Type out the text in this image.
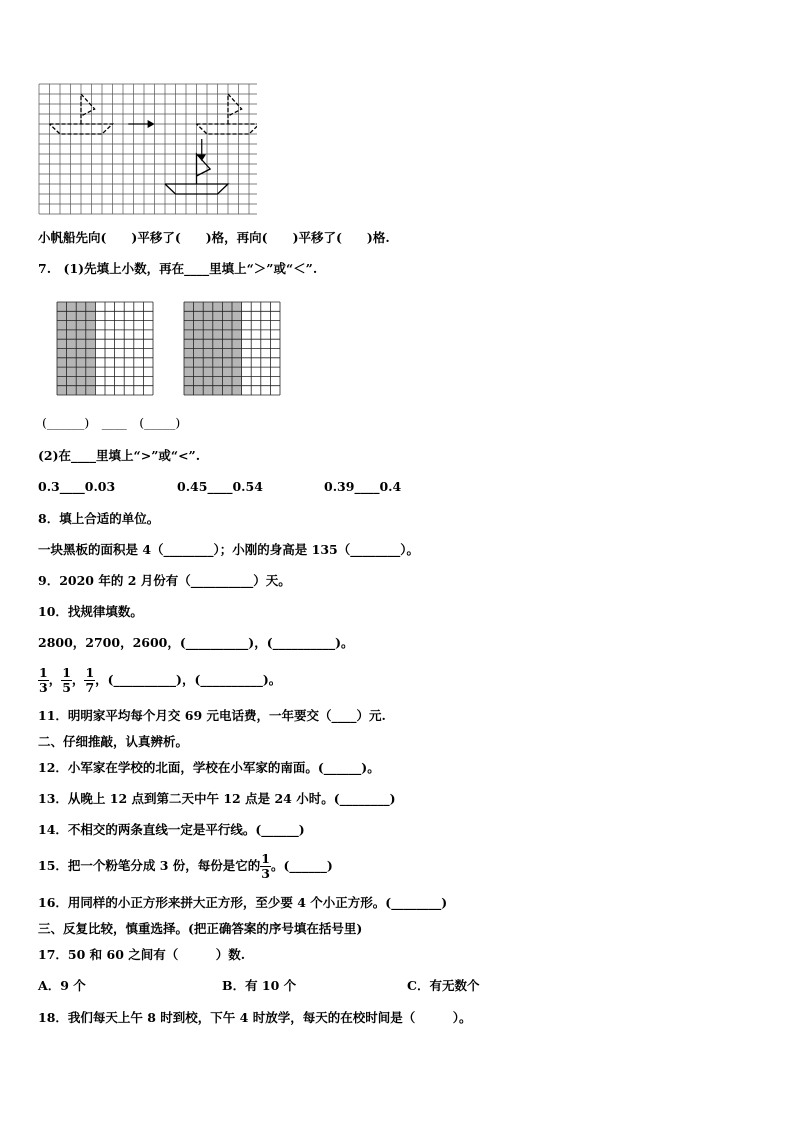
小帆船先向(　　)平移了(　　)格，再向(　　)平移了(　　)格.
7.　(1)先填上小数，再在____里填上“＞”或“＜”.
(______)　____　(_____)
(2)在____里填上“>”或“<”.
0.3____0.03	0.45____0.54	0.39____0.4
8．填上合适的单位。
一块黑板的面积是 4（________）；小刚的身高是 135（________）。
9．2020 年的 2 月份有（__________）天。
10．找规律填数。
2800，2700，2600，(__________)，(__________)。
$\frac{1}{3}$ ， $\frac{1}{5}$ ， $\frac{1}{7}$ ，(__________)，(__________)。
11．明明家平均每个月交 69 元电话费，一年要交（____）元.
二、仔细推敲，认真辨析。
12．小军家在学校的北面，学校在小军家的南面。(______)。
13．从晚上 12 点到第二天中午 12 点是 24 小时。(________)
14．不相交的两条直线一定是平行线。(______)
15．把一个粉笔分成 3 份，每份是它的 $\frac{1}{3}$ 。(______)
16．用同样的小正方形来拼大正方形，至少要 4 个小正方形。(________)
三、反复比较，慎重选择。(把正确答案的序号填在括号里)
17．50 和 60 之间有（　　　）数.
A．9 个	B．有 10 个	C．有无数个
18．我们每天上午 8 时到校，下午 4 时放学，每天的在校时间是（　　　）。
